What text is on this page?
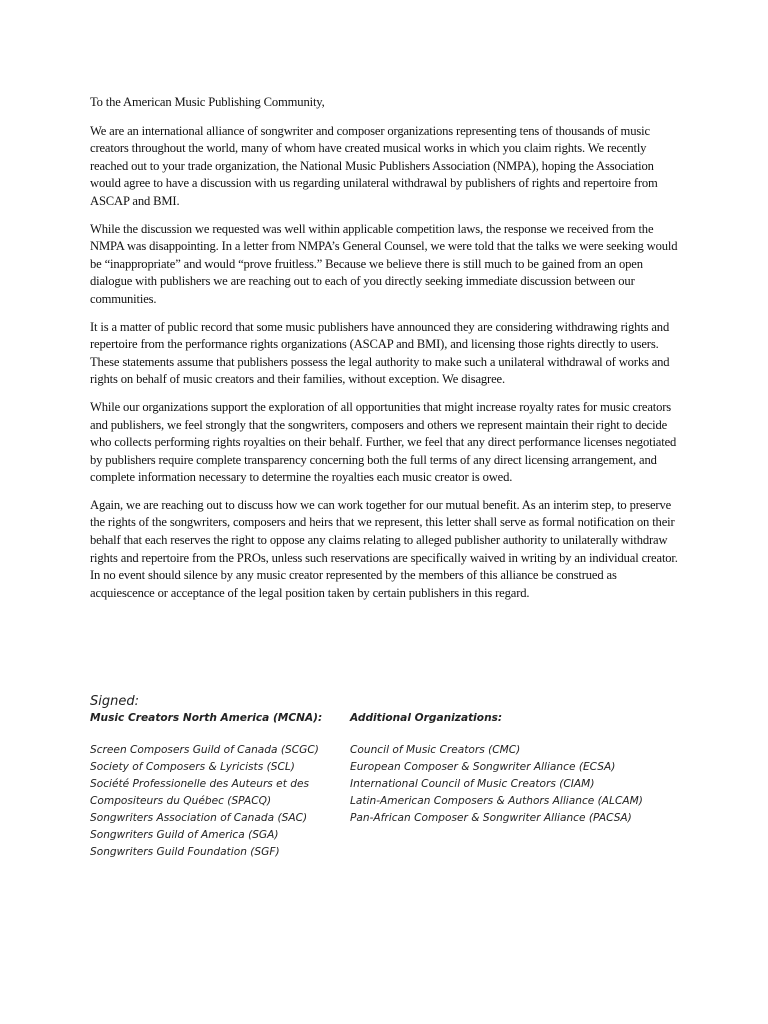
To the American Music Publishing Community,

We are an international alliance of songwriter and composer organizations representing tens of thousands of music creators throughout the world, many of whom have created musical works in which you claim rights. We recently reached out to your trade organization, the National Music Publishers Association (NMPA), hoping the Association would agree to have a discussion with us regarding unilateral withdrawal by publishers of rights and repertoire from ASCAP and BMI.

While the discussion we requested was well within applicable competition laws, the response we received from the NMPA was disappointing. In a letter from NMPA’s General Counsel, we were told that the talks we were seeking would be “inappropriate” and would “prove fruitless.” Because we believe there is still much to be gained from an open dialogue with publishers we are reaching out to each of you directly seeking immediate discussion between our communities.

It is a matter of public record that some music publishers have announced they are considering withdrawing rights and repertoire from the performance rights organizations (ASCAP and BMI), and licensing those rights directly to users. These statements assume that publishers possess the legal authority to make such a unilateral withdrawal of works and rights on behalf of music creators and their families, without exception. We disagree.

While our organizations support the exploration of all opportunities that might increase royalty rates for music creators and publishers, we feel strongly that the songwriters, composers and others we represent maintain their right to decide who collects performing rights royalties on their behalf. Further, we feel that any direct performance licenses negotiated by publishers require complete transparency concerning both the full terms of any direct licensing arrangement, and complete information necessary to determine the royalties each music creator is owed.

Again, we are reaching out to discuss how we can work together for our mutual benefit. As an interim step, to preserve the rights of the songwriters, composers and heirs that we represent, this letter shall serve as formal notification on their behalf that each reserves the right to oppose any claims relating to alleged publisher authority to unilaterally withdraw rights and repertoire from the PROs, unless such reservations are specifically waived in writing by an individual creator. In no event should silence by any music creator represented by the members of this alliance be construed as acquiescence or acceptance of the legal position taken by certain publishers in this regard.

Signed:

Music Creators North America (MCNA):

Screen Composers Guild of Canada (SCGC)

Society of Composers & Lyricists (SCL)

Société Professionelle des Auteurs et des

Compositeurs du Québec (SPACQ)

Songwriters Association of Canada (SAC)

Songwriters Guild of America (SGA)

Songwriters Guild Foundation (SGF)

Additional Organizations:

Council of Music Creators (CMC)

European Composer & Songwriter Alliance (ECSA)

International Council of Music Creators (CIAM)

Latin-American Composers & Authors Alliance (ALCAM)

Pan-African Composer & Songwriter Alliance (PACSA)
